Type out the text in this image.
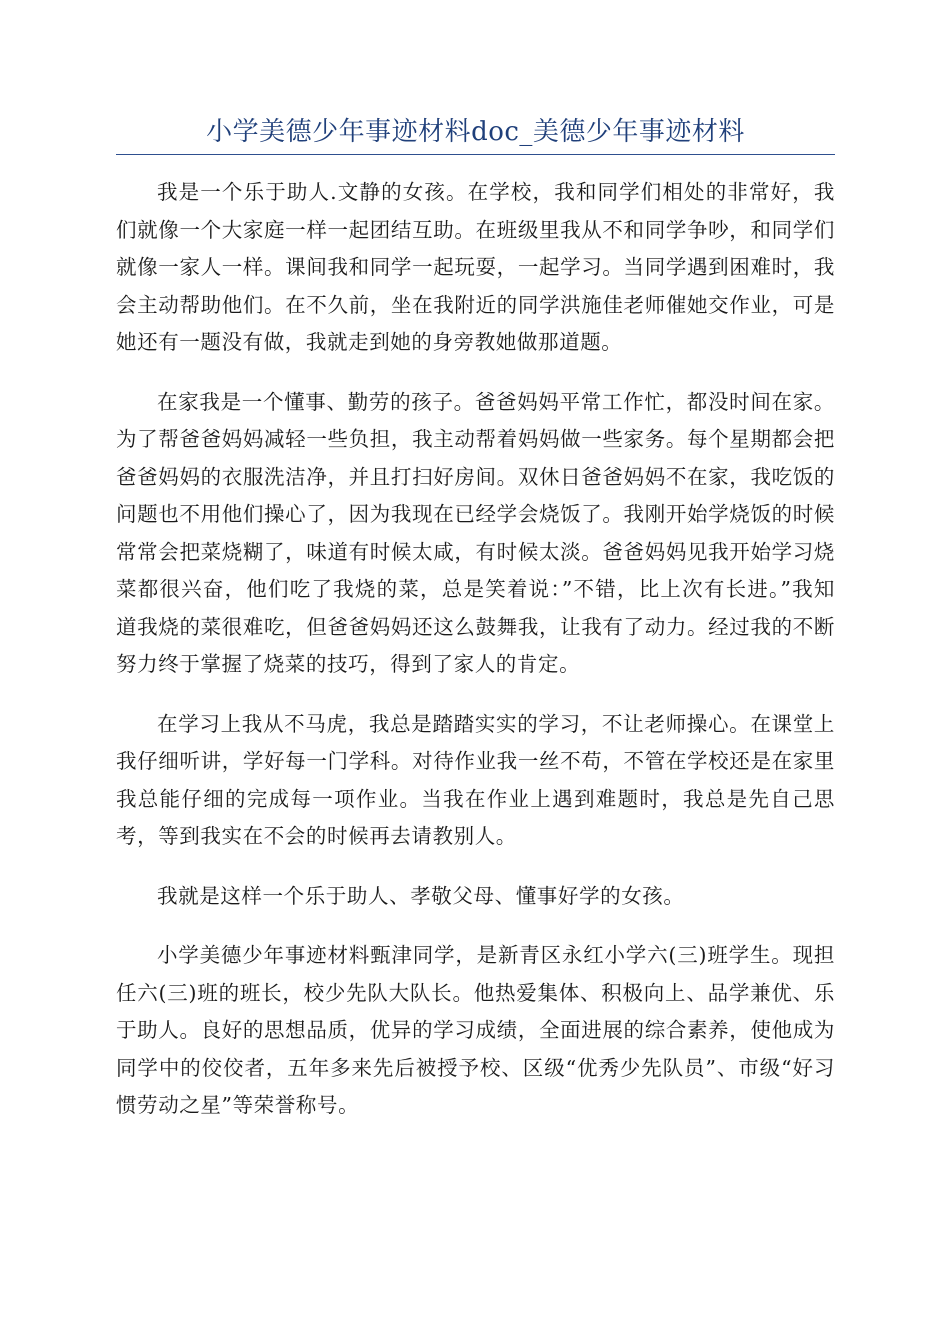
小学美德少年事迹材料doc_美德少年事迹材料

我是一个乐于助人.文静的女孩。在学校，我和同学们相处的非常好，我们就像一个大家庭一样一起团结互助。在班级里我从不和同学争吵，和同学们就像一家人一样。课间我和同学一起玩耍，一起学习。当同学遇到困难时，我会主动帮助他们。在不久前，坐在我附近的同学洪施佳老师催她交作业，可是她还有一题没有做，我就走到她的身旁教她做那道题。

在家我是一个懂事、勤劳的孩子。爸爸妈妈平常工作忙，都没时间在家。为了帮爸爸妈妈减轻一些负担，我主动帮着妈妈做一些家务。每个星期都会把爸爸妈妈的衣服洗洁净，并且打扫好房间。双休日爸爸妈妈不在家，我吃饭的问题也不用他们操心了，因为我现在已经学会烧饭了。我刚开始学烧饭的时候常常会把菜烧糊了，味道有时候太咸，有时候太淡。爸爸妈妈见我开始学习烧菜都很兴奋，他们吃了我烧的菜，总是笑着说：”不错，比上次有长进。”我知道我烧的菜很难吃，但爸爸妈妈还这么鼓舞我，让我有了动力。经过我的不断努力终于掌握了烧菜的技巧，得到了家人的肯定。

在学习上我从不马虎，我总是踏踏实实的学习，不让老师操心。在课堂上我仔细听讲，学好每一门学科。对待作业我一丝不苟，不管在学校还是在家里我总能仔细的完成每一项作业。当我在作业上遇到难题时，我总是先自己思考，等到我实在不会的时候再去请教别人。

我就是这样一个乐于助人、孝敬父母、懂事好学的女孩。

小学美德少年事迹材料甄津同学，是新青区永红小学六(三)班学生。现担任六(三)班的班长，校少先队大队长。他热爱集体、积极向上、品学兼优、乐于助人。良好的思想品质，优异的学习成绩，全面进展的综合素养，使他成为同学中的佼佼者，五年多来先后被授予校、区级“优秀少先队员”、市级“好习惯劳动之星”等荣誉称号。
